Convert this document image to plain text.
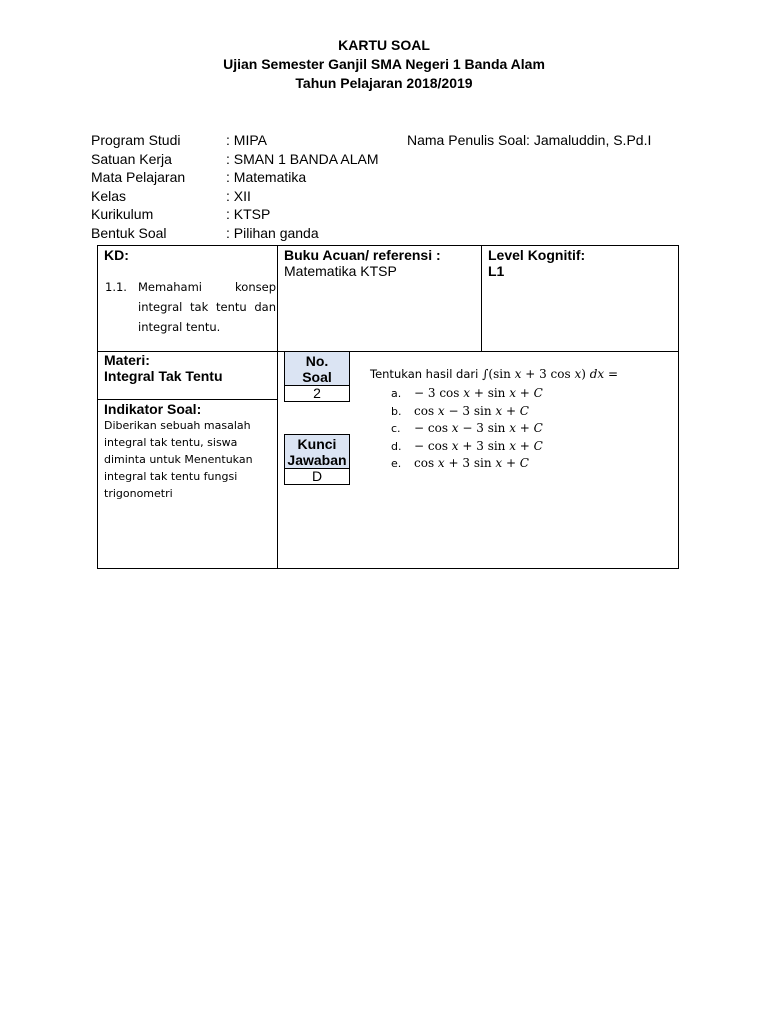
KARTU SOAL
Ujian Semester Ganjil SMA Negeri 1 Banda Alam
Tahun Pelajaran 2018/2019
Program Studi	: MIPA	Nama Penulis Soal: Jamaluddin, S.Pd.I
Satuan Kerja	: SMAN 1 BANDA ALAM
Mata Pelajaran	: Matematika
Kelas	: XII
Kurikulum	: KTSP
Bentuk Soal	: Pilihan ganda
KD:
1.1. Memahami konsep integral tak tentu dan integral tentu.
Buku Acuan/ referensi :
Matematika KTSP
Level Kognitif:
L1
Materi:
Integral Tak Tentu
Indikator Soal:
Diberikan sebuah masalah integral tak tentu, siswa diminta untuk Menentukan integral tak tentu fungsi trigonometri
No.
Soal
2
Kunci
Jawaban
D
Tentukan hasil dari ∫(sin 𝑥 + 3 cos 𝑥) 𝑑𝑥 =
a. − 3 cos 𝑥 + sin 𝑥 + 𝐶
b. cos 𝑥 − 3 sin 𝑥 + 𝐶
c. − cos 𝑥 − 3 sin 𝑥 + 𝐶
d. − cos 𝑥 + 3 sin 𝑥 + 𝐶
e. cos 𝑥 + 3 sin 𝑥 + 𝐶
